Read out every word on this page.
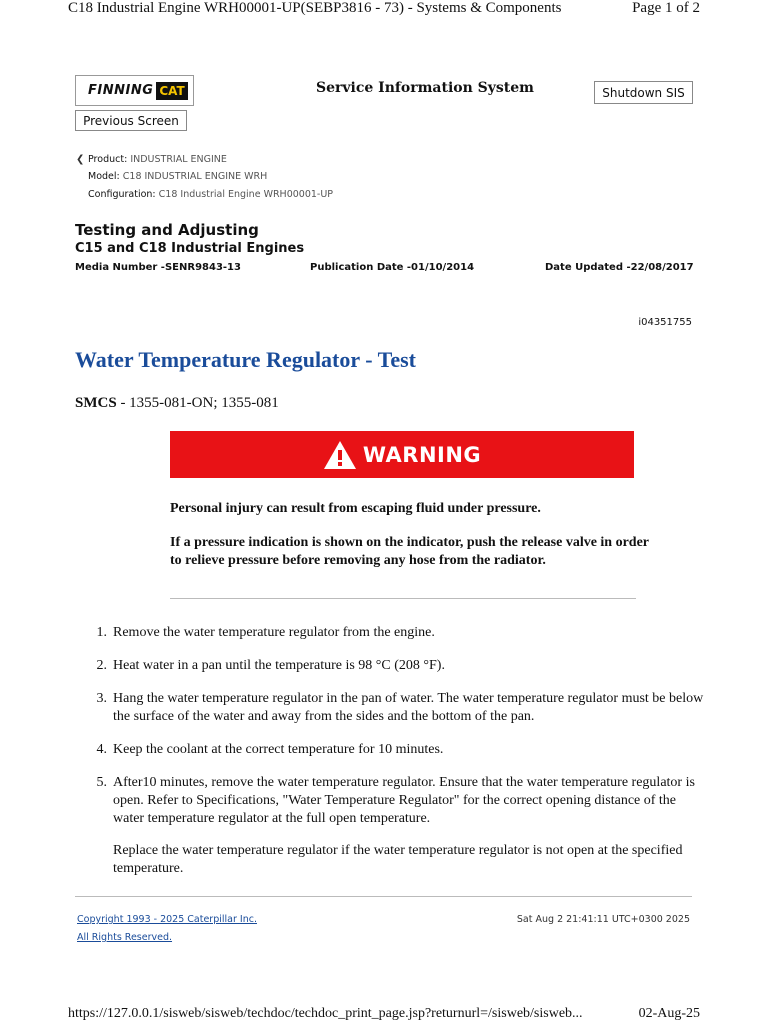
C18 Industrial Engine WRH00001-UP(SEBP3816 - 73) - Systems & Components	Page 1 of 2
FINNING CAT	Service Information System	Shutdown SIS
Previous Screen
❮ Product: INDUSTRIAL ENGINE
Model: C18 INDUSTRIAL ENGINE WRH
Configuration: C18 Industrial Engine WRH00001-UP
Testing and Adjusting
C15 and C18 Industrial Engines
Media Number -SENR9843-13	Publication Date -01/10/2014	Date Updated -22/08/2017
i04351755
Water Temperature Regulator - Test
SMCS - 1355-081-ON; 1355-081
WARNING
Personal injury can result from escaping fluid under pressure.
If a pressure indication is shown on the indicator, push the release valve in order to relieve pressure before removing any hose from the radiator.
1. Remove the water temperature regulator from the engine.

2. Heat water in a pan until the temperature is 98 °C (208 °F).

3. Hang the water temperature regulator in the pan of water. The water temperature regulator must be below the surface of the water and away from the sides and the bottom of the pan.

4. Keep the coolant at the correct temperature for 10 minutes.

5. After10 minutes, remove the water temperature regulator. Ensure that the water temperature regulator is open. Refer to Specifications, "Water Temperature Regulator" for the correct opening distance of the water temperature regulator at the full open temperature.

Replace the water temperature regulator if the water temperature regulator is not open at the specified temperature.

Copyright 1993 - 2025 Caterpillar Inc.
All Rights Reserved.
Sat Aug 2 21:41:11 UTC+0300 2025
https://127.0.0.1/sisweb/sisweb/techdoc/techdoc_print_page.jsp?returnurl=/sisweb/sisweb...	02-Aug-25
